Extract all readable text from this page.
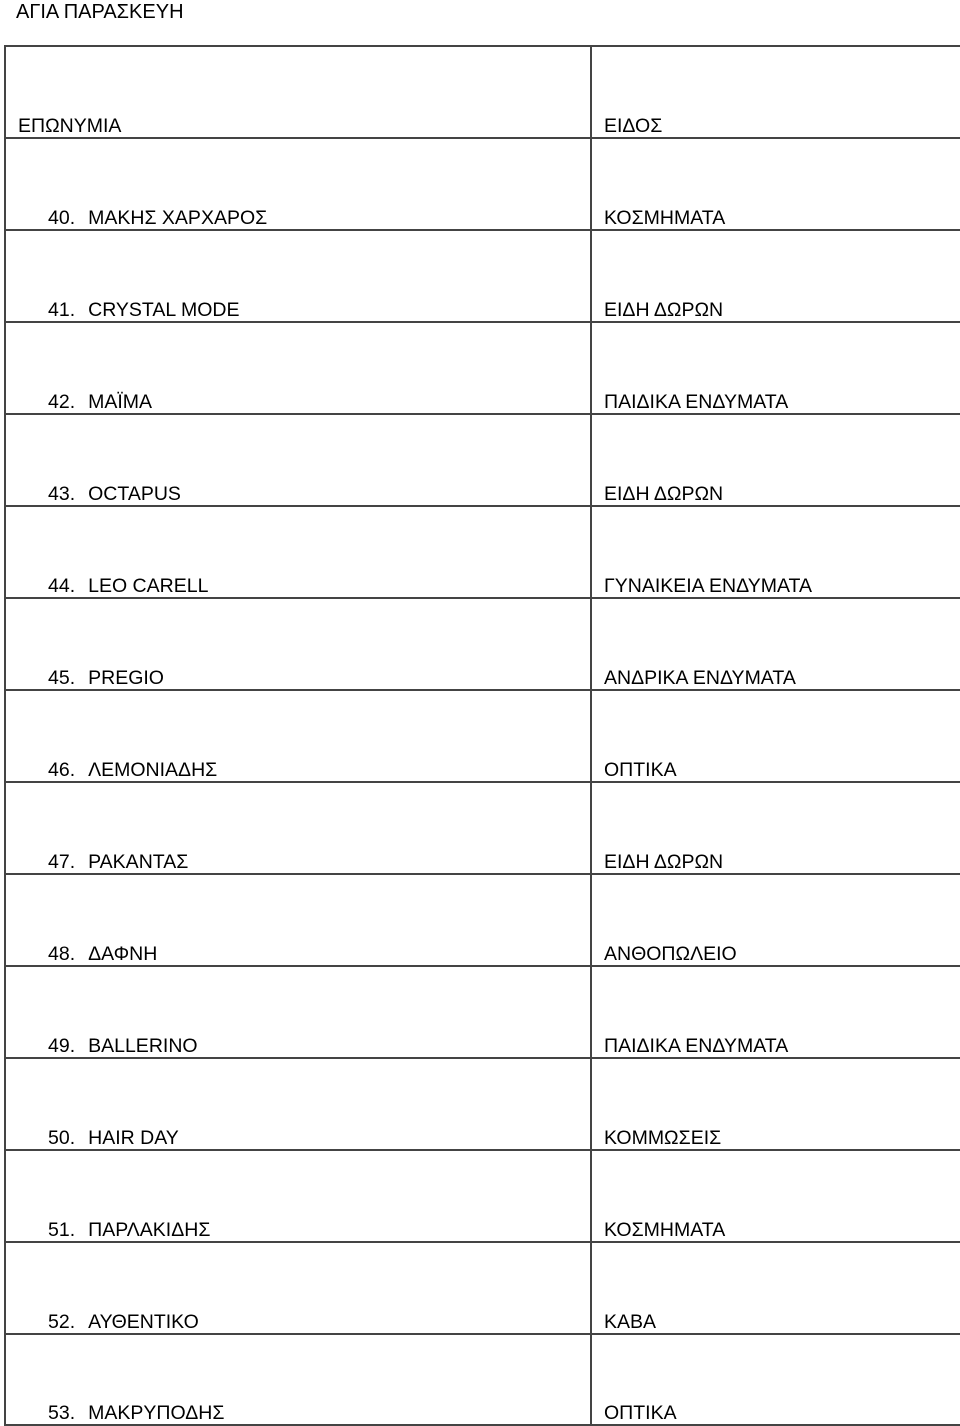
ΑΓΙΑ ΠΑΡΑΣΚΕΥΗ
ΕΠΩΝΥΜΙΑ	ΕΙΔΟΣ

40. ΜΑΚΗΣ ΧΑΡΧΑΡΟΣ	ΚΟΣΜΗΜΑΤΑ

41. CRYSTAL MODE	ΕΙΔΗ ΔΩΡΩΝ

42. ΜΑΪΜΑ	ΠΑΙΔΙΚΑ ΕΝΔΥΜΑΤΑ

43. OCTAPUS	ΕΙΔΗ ΔΩΡΩΝ

44. LEO CARELL	ΓΥΝΑΙΚΕΙΑ ΕΝΔΥΜΑΤΑ

45. PREGIO	ΑΝΔΡΙΚΑ ΕΝΔΥΜΑΤΑ

46. ΛΕΜΟΝΙΑΔΗΣ	ΟΠΤΙΚΑ

47. ΡΑΚΑΝΤΑΣ	ΕΙΔΗ ΔΩΡΩΝ

48. ΔΑΦΝΗ	ΑΝΘΟΠΩΛΕΙΟ

49. BALLERINO	ΠΑΙΔΙΚΑ ΕΝΔΥΜΑΤΑ

50. HAIR DAY	ΚΟΜΜΩΣΕΙΣ

51. ΠΑΡΛΑΚΙΔΗΣ	ΚΟΣΜΗΜΑΤΑ

52. ΑΥΘΕΝΤΙΚΟ	ΚΑΒΑ

53. ΜΑΚΡΥΠΟΔΗΣ	ΟΠΤΙΚΑ
